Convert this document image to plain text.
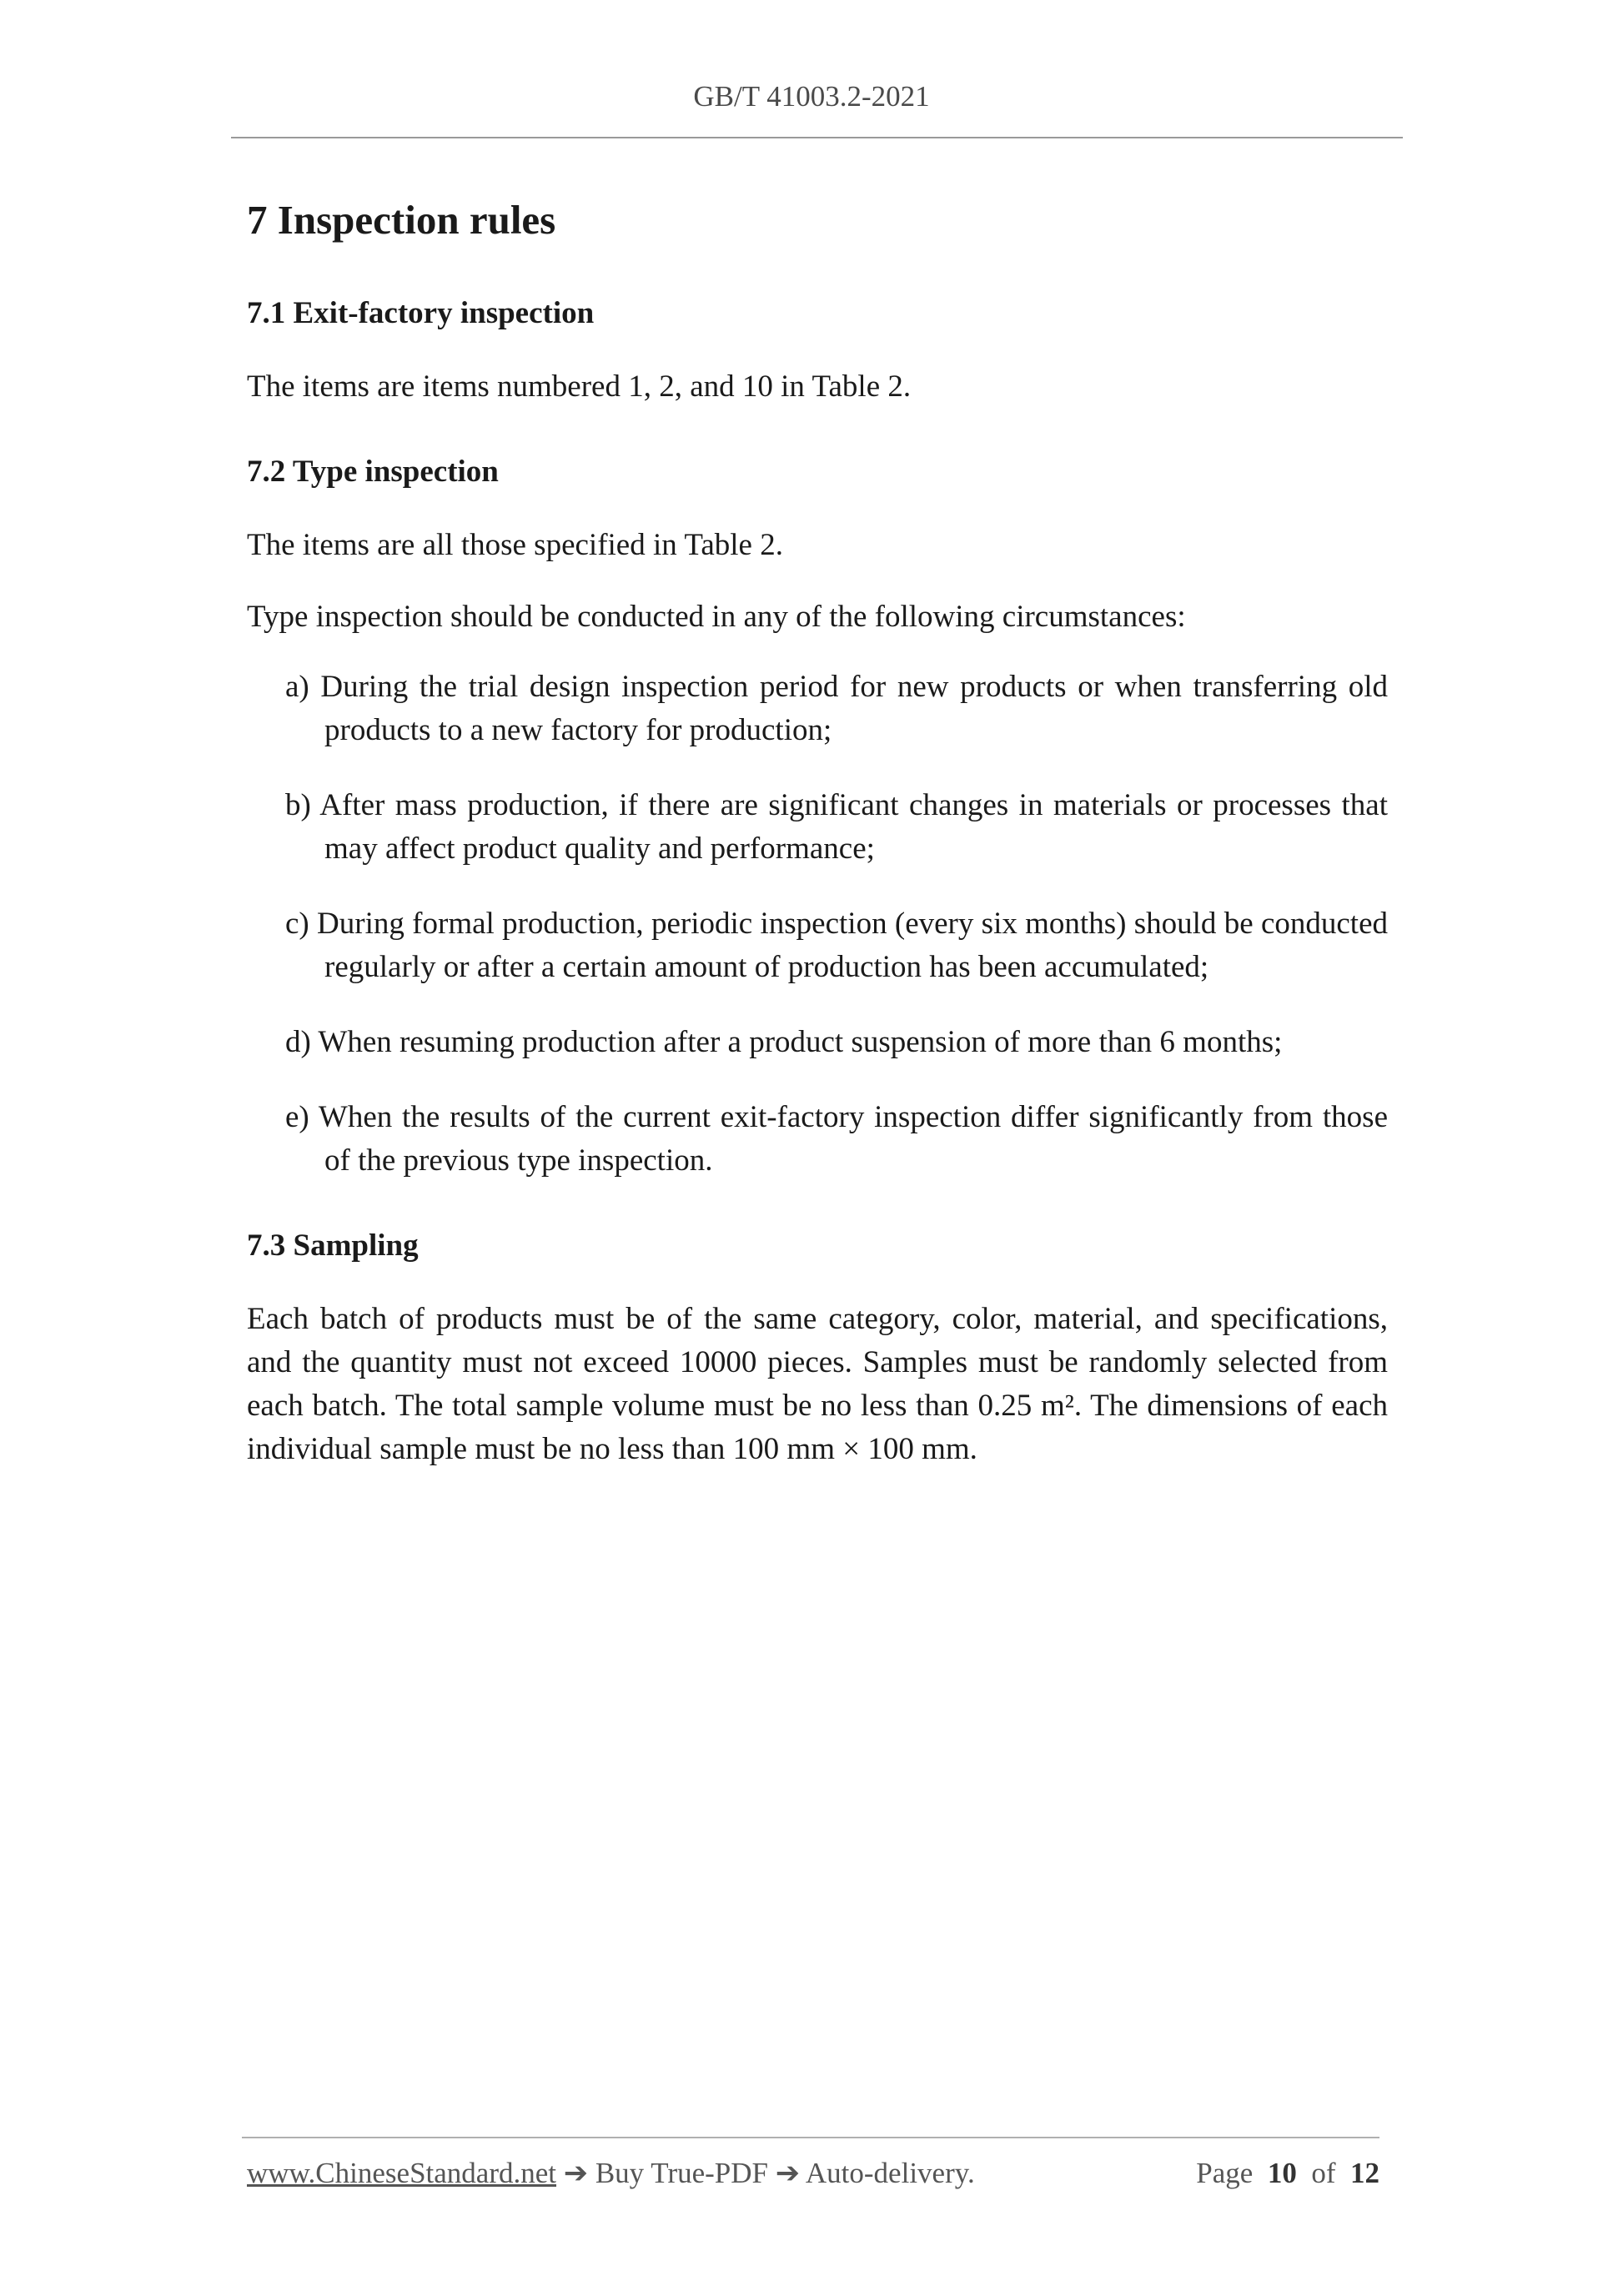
GB/T 41003.2-2021
7 Inspection rules
7.1 Exit-factory inspection

The items are items numbered 1, 2, and 10 in Table 2.

7.2 Type inspection

The items are all those specified in Table 2.

Type inspection should be conducted in any of the following circumstances:

a) During the trial design inspection period for new products or when transferring old products to a new factory for production;
b) After mass production, if there are significant changes in materials or processes that may affect product quality and performance;
c) During formal production, periodic inspection (every six months) should be conducted regularly or after a certain amount of production has been accumulated;
d) When resuming production after a product suspension of more than 6 months;
e) When the results of the current exit-factory inspection differ significantly from those of the previous type inspection.
7.3 Sampling

Each batch of products must be of the same category, color, material, and specifications, and the quantity must not exceed 10000 pieces. Samples must be randomly selected from each batch. The total sample volume must be no less than 0.25 m². The dimensions of each individual sample must be no less than 100 mm × 100 mm.

www.ChineseStandard.net ➔ Buy True-PDF ➔ Auto-delivery.	Page 10 of 12
